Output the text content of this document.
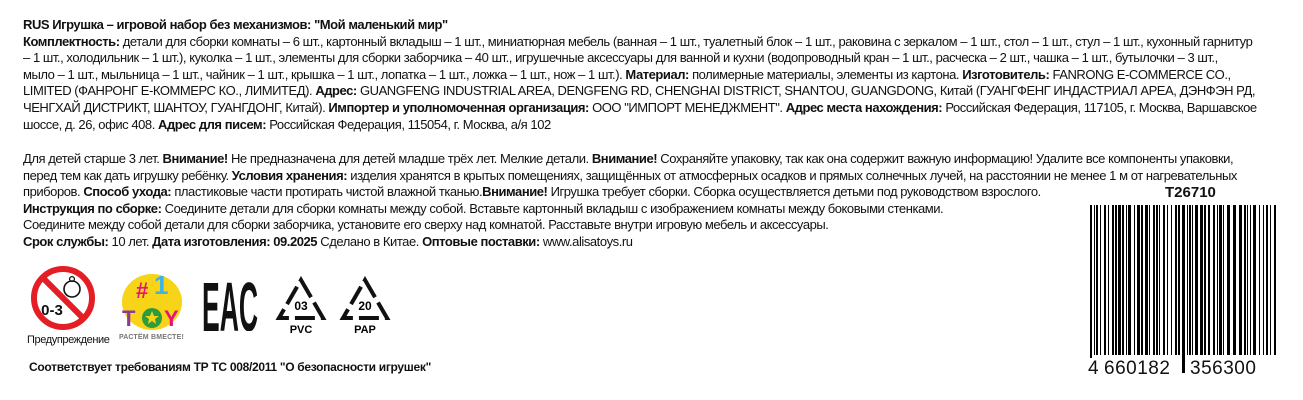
RUS Игрушка – игровой набор без механизмов: "Мой маленький мир"
Комплектность: детали для сборки комнаты – 6 шт., картонный вкладыш – 1 шт., миниатюрная мебель (ванная – 1 шт., туалетный блок – 1 шт., раковина с зеркалом – 1 шт., стол – 1 шт., стул – 1 шт., кухонный гарнитур
– 1 шт., холодильник – 1 шт.), куколка – 1 шт., элементы для сборки заборчика – 40 шт., игрушечные аксессуары для ванной и кухни (водопроводный кран – 1 шт., расческа – 2 шт., чашка – 1 шт., бутылочки – 3 шт.,
мыло – 1 шт., мыльница – 1 шт., чайник – 1 шт., крышка – 1 шт., лопатка – 1 шт., ложка – 1 шт., нож – 1 шт.). Материал: полимерные материалы, элементы из картона. Изготовитель: FANRONG E-COMMERCE CO.,
LIMITED (ФАНРОНГ Е-КОММЕРС КО., ЛИМИТЕД). Адрес: GUANGFENG INDUSTRIAL AREA, DENGFENG RD, CHENGHAI DISTRICT, SHANTOU, GUANGDONG, Китай (ГУАНГФЕНГ ИНДАСТРИАЛ АРЕА, ДЭНФЭН РД,
ЧЕНГХАЙ ДИСТРИКТ, ШАНТОУ, ГУАНГДОНГ, Китай). Импортер и уполномоченная организация: ООО "ИМПОРТ МЕНЕДЖМЕНТ". Адрес места нахождения: Российская Федерация, 117105, г. Москва, Варшавское
шоссе, д. 26, офис 408. Адрес для писем: Российская Федерация, 115054, г. Москва, а/я 102
Для детей старше 3 лет. Внимание! Не предназначена для детей младше трёх лет. Мелкие детали. Внимание! Сохраняйте упаковку, так как она содержит важную информацию! Удалите все компоненты упаковки,
перед тем как дать игрушку ребёнку. Условия хранения: изделия хранятся в крытых помещениях, защищённых от атмосферных осадков и прямых солнечных лучей, на расстоянии не менее 1 м от нагревательных
приборов. Способ ухода: пластиковые части протирать чистой влажной тканью.Внимание! Игрушка требует сборки. Сборка осуществляется детьми под руководством взрослого.
Инструкция по сборке: Соедините детали для сборки комнаты между собой. Вставьте картонный вкладыш с изображением комнаты между боковыми стенками.
Соедините между собой детали для сборки заборчика, установите его сверху над комнатой. Расставьте внутри игровую мебель и аксессуары.
Срок службы: 10 лет. Дата изготовления: 09.2025 Сделано в Китае. Оптовые поставки: www.alisatoys.ru
0-3
Предупреждение
# 1
T Y
РАСТЁМ ВМЕСТЕ! EAC	03
PVC
20
PAP
Соответствует требованиям ТР ТС 008/2011 "О безопасности игрушек"
T26710
4 660182 356300
